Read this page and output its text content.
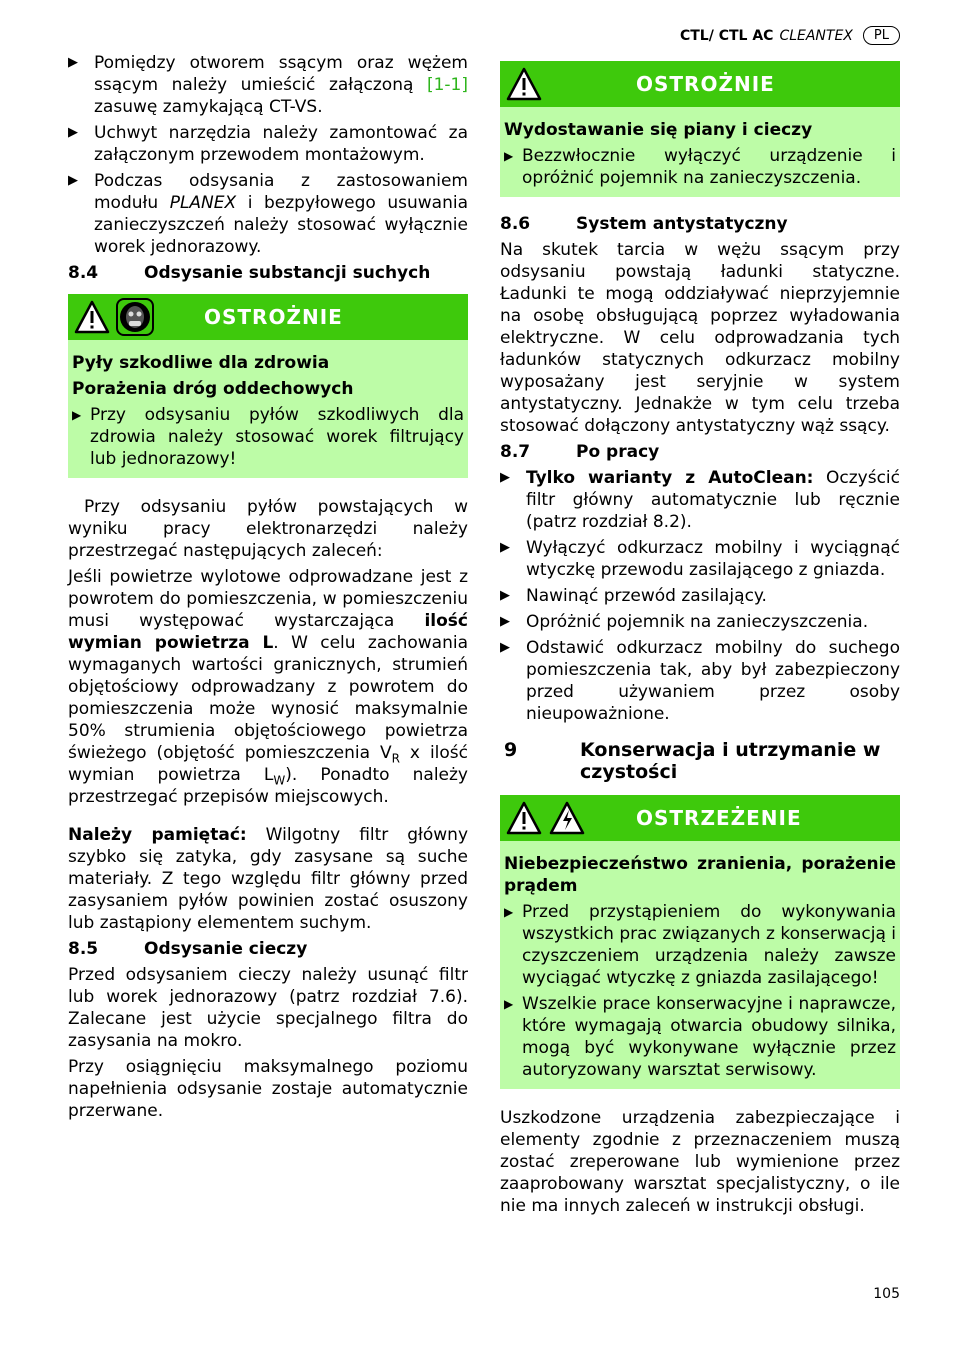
CTL/ CTL AC CLEANTEX	PL
▶ Pomiędzy otworem ssącym oraz wężem ssącym należy umieścić załączoną [1-1] zasuwę zamykającą CT-VS.
▶ Uchwyt narzędzia należy zamontować za załączonym przewodem montażowym.
▶ Podczas odsysania z zastosowaniem modułu PLANEX i bezpyłowego usuwania zanieczyszczeń należy stosować wyłącznie worek jednorazowy.
8.4	Odsysanie substancji suchych
OSTROŻNIE
Pyły szkodliwe dla zdrowia
Porażenia dróg oddechowych
▶ Przy odsysaniu pyłów szkodliwych dla zdrowia należy stosować worek filtrujący lub jednorazowy!

Przy odsysaniu pyłów powstających w wyniku pracy elektronarzędzi należy przestrzegać następujących zaleceń:

Jeśli powietrze wylotowe odprowadzane jest z powrotem do pomieszczenia, w pomieszczeniu musi występować wystarczająca ilość wymian powietrza L. W celu zachowania wymaganych wartości granicznych, strumień objętościowy odprowadzany z powrotem do pomieszczenia może wynosić maksymalnie 50% strumienia objętościowego powietrza świeżego (objętość pomieszczenia $V_R$ x ilość wymian powietrza $L_W$). Ponadto należy przestrzegać przepisów miejscowych.

Należy pamiętać: Wilgotny filtr główny szybko się zatyka, gdy zasysane są suche materiały. Z tego względu filtr główny przed zasysaniem pyłów powinien zostać osuszony lub zastąpiony elementem suchym.

8.5	Odsysanie cieczy

Przed odsysaniem cieczy należy usunąć filtr lub worek jednorazowy (patrz rozdział 7.6). Zalecane jest użycie specjalnego filtra do zasysania na mokro.

Przy osiągnięciu maksymalnego poziomu napełnienia odsysanie zostaje automatycznie przerwane.

OSTROŻNIE
Wydostawanie się piany i cieczy
▶ Bezzwłocznie wyłączyć urządzenie i opróżnić pojemnik na zanieczyszczenia.
8.6	System antystatyczny

Na skutek tarcia w wężu ssącym przy odsysaniu powstają ładunki statyczne. Ładunki te mogą oddziaływać nieprzyjemnie na osobę obsługującą poprzez wyładowania elektryczne. W celu odprowadzania tych ładunków statycznych odkurzacz mobilny wyposażany jest seryjnie w system antystatyczny. Jednakże w tym celu trzeba stosować dołączony antystatyczny wąż ssący.

8.7	Po pracy
▶ Tylko warianty z AutoClean: Oczyścić filtr główny automatycznie lub ręcznie (patrz rozdział 8.2).
▶ Wyłączyć odkurzacz mobilny i wyciągnąć wtyczkę przewodu zasilającego z gniazda.
▶ Nawinąć przewód zasilający.
▶ Opróżnić pojemnik na zanieczyszczenia.
▶ Odstawić odkurzacz mobilny do suchego pomieszczenia tak, aby był zabezpieczony przed używaniem przez osoby nieupoważnione.
9	Konserwacja i utrzymanie w czystości
OSTRZEŻENIE
Niebezpieczeństwo zranienia, porażenie prądem
▶ Przed przystąpieniem do wykonywania wszystkich prac związanych z konserwacją i czyszczeniem urządzenia należy zawsze wyciągać wtyczkę z gniazda zasilającego!
▶ Wszelkie prace konserwacyjne i naprawcze, które wymagają otwarcia obudowy silnika, mogą być wykonywane wyłącznie przez autoryzowany warsztat serwisowy.

Uszkodzone urządzenia zabezpieczające i elementy zgodnie z przeznaczeniem muszą zostać zreperowane lub wymienione przez zaaprobowany warsztat specjalistyczny, o ile nie ma innych zaleceń w instrukcji obsługi.

105
